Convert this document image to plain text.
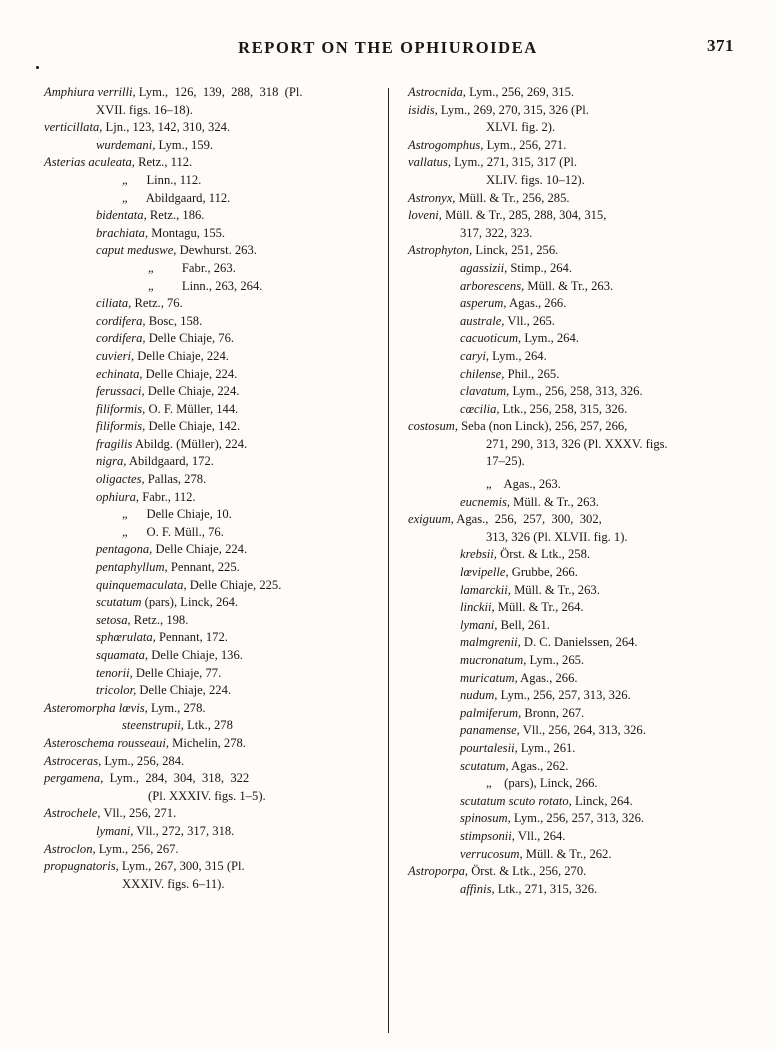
REPORT ON THE OPHIUROIDEA	371
Amphiura verrilli, Lym.,  126,  139,  288,  318  (Pl.
XVII. figs. 16–18).
verticillata, Ljn., 123, 142, 310, 324.
wurdemani, Lym., 159.
Asterias aculeata, Retz., 112.
„      Linn., 112.
„      Abildgaard, 112.
bidentata, Retz., 186.
brachiata, Montagu, 155.
caput meduswe, Dewhurst. 263.
„         Fabr., 263.
„         Linn., 263, 264.
ciliata, Retz., 76.
cordifera, Bosc, 158.
cordifera, Delle Chiaje, 76.
cuvieri, Delle Chiaje, 224.
echinata, Delle Chiaje, 224.
ferussaci, Delle Chiaje, 224.
filiformis, O. F. Müller, 144.
filiformis, Delle Chiaje, 142.
fragilis Abildg. (Müller), 224.
nigra, Abildgaard, 172.
oligactes, Pallas, 278.
ophiura, Fabr., 112.
„      Delle Chiaje, 10.
„      O. F. Müll., 76.
pentagona, Delle Chiaje, 224.
pentaphyllum, Pennant, 225.
quinquemaculata, Delle Chiaje, 225.
scutatum (pars), Linck, 264.
setosa, Retz., 198.
sphœrulata, Pennant, 172.
squamata, Delle Chiaje, 136.
tenorii, Delle Chiaje, 77.
tricolor, Delle Chiaje, 224.
Asteromorpha lœvis, Lym., 278.
steenstrupii, Ltk., 278
Asteroschema rousseaui, Michelin, 278.
Astroceras, Lym., 256, 284.
pergamena,  Lym.,  284,  304,  318,  322
(Pl. XXXIV. figs. 1–5).
Astrochele, Vll., 256, 271.
lymani, Vll., 272, 317, 318.
Astroclon, Lym., 256, 267.
propugnatoris, Lym., 267, 300, 315 (Pl.
XXXIV. figs. 6–11).
Astrocnida, Lym., 256, 269, 315.
isidis, Lym., 269, 270, 315, 326 (Pl.
XLVI. fig. 2).
Astrogomphus, Lym., 256, 271.
vallatus, Lym., 271, 315, 317 (Pl.
XLIV. figs. 10–12).
Astronyx, Müll. & Tr., 256, 285.
loveni, Müll. & Tr., 285, 288, 304, 315,
317, 322, 323.
Astrophyton, Linck, 251, 256.
agassizii, Stimp., 264.
arborescens, Müll. & Tr., 263.
asperum, Agas., 266.
australe, Vll., 265.
cacuoticum, Lym., 264.
caryi, Lym., 264.
chilense, Phil., 265.
clavatum, Lym., 256, 258, 313, 326.
cœcilia, Ltk., 256, 258, 315, 326.
costosum, Seba (non Linck), 256, 257, 266,
271, 290, 313, 326 (Pl. XXXV. figs.
17–25).
„    Agas., 263.
eucnemis, Müll. & Tr., 263.
exiguum, Agas.,  256,  257,  300,  302,
313, 326 (Pl. XLVII. fig. 1).
krebsii, Örst. & Ltk., 258.
lœvipelle, Grubbe, 266.
lamarckii, Müll. & Tr., 263.
linckii, Müll. & Tr., 264.
lymani, Bell, 261.
malmgrenii, D. C. Danielssen, 264.
mucronatum, Lym., 265.
muricatum, Agas., 266.
nudum, Lym., 256, 257, 313, 326.
palmiferum, Bronn, 267.
panamense, Vll., 256, 264, 313, 326.
pourtalesii, Lym., 261.
scutatum, Agas., 262.
„    (pars), Linck, 266.
scutatum scuto rotato, Linck, 264.
spinosum, Lym., 256, 257, 313, 326.
stimpsonii, Vll., 264.
verrucosum, Müll. & Tr., 262.
Astroporpa, Örst. & Ltk., 256, 270.
affinis, Ltk., 271, 315, 326.
